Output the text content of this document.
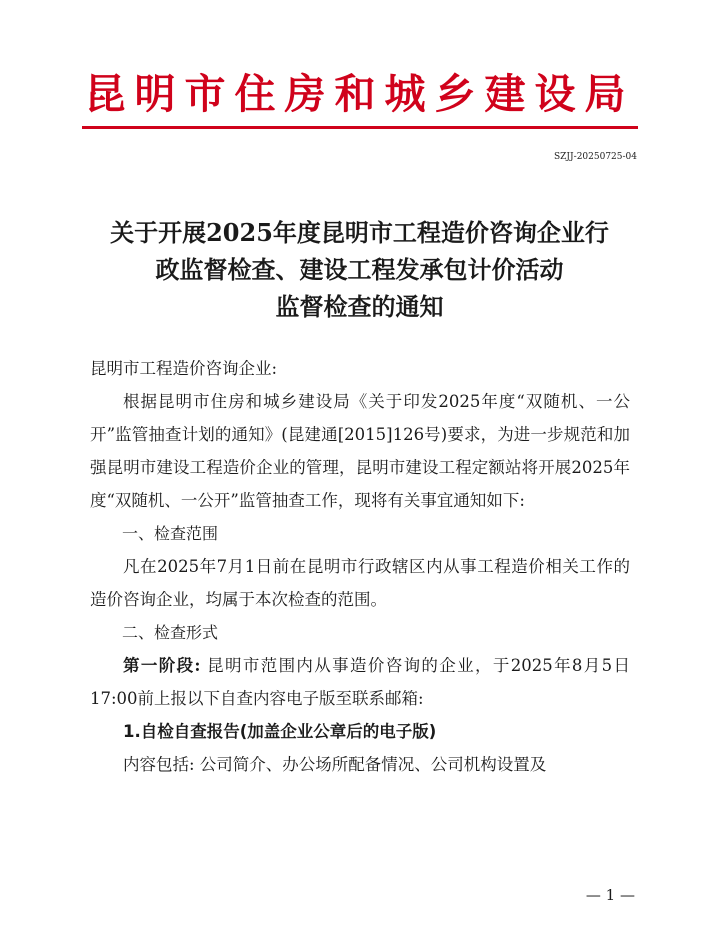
昆明市住房和城乡建设局
SZJJ-20250725-04
关于开展2025年度昆明市工程造价咨询企业行
政监督检查、建设工程发承包计价活动
监督检查的通知

昆明市工程造价咨询企业:

根据昆明市住房和城乡建设局《关于印发2025年度“双随机、一公开”监管抽查计划的通知》(昆建通[2015]126号)要求，为进一步规范和加强昆明市建设工程造价企业的管理，昆明市建设工程定额站将开展2025年度“双随机、一公开”监管抽查工作，现将有关事宜通知如下:

一、检查范围

凡在2025年7月1日前在昆明市行政辖区内从事工程造价相关工作的造价咨询企业，均属于本次检查的范围。

二、检查形式

第一阶段: 昆明市范围内从事造价咨询的企业，于2025年8月5日17:00前上报以下自查内容电子版至联系邮箱:

1.自检自查报告(加盖企业公章后的电子版)

内容包括: 公司简介、办公场所配备情况、公司机构设置及

— 1 —
